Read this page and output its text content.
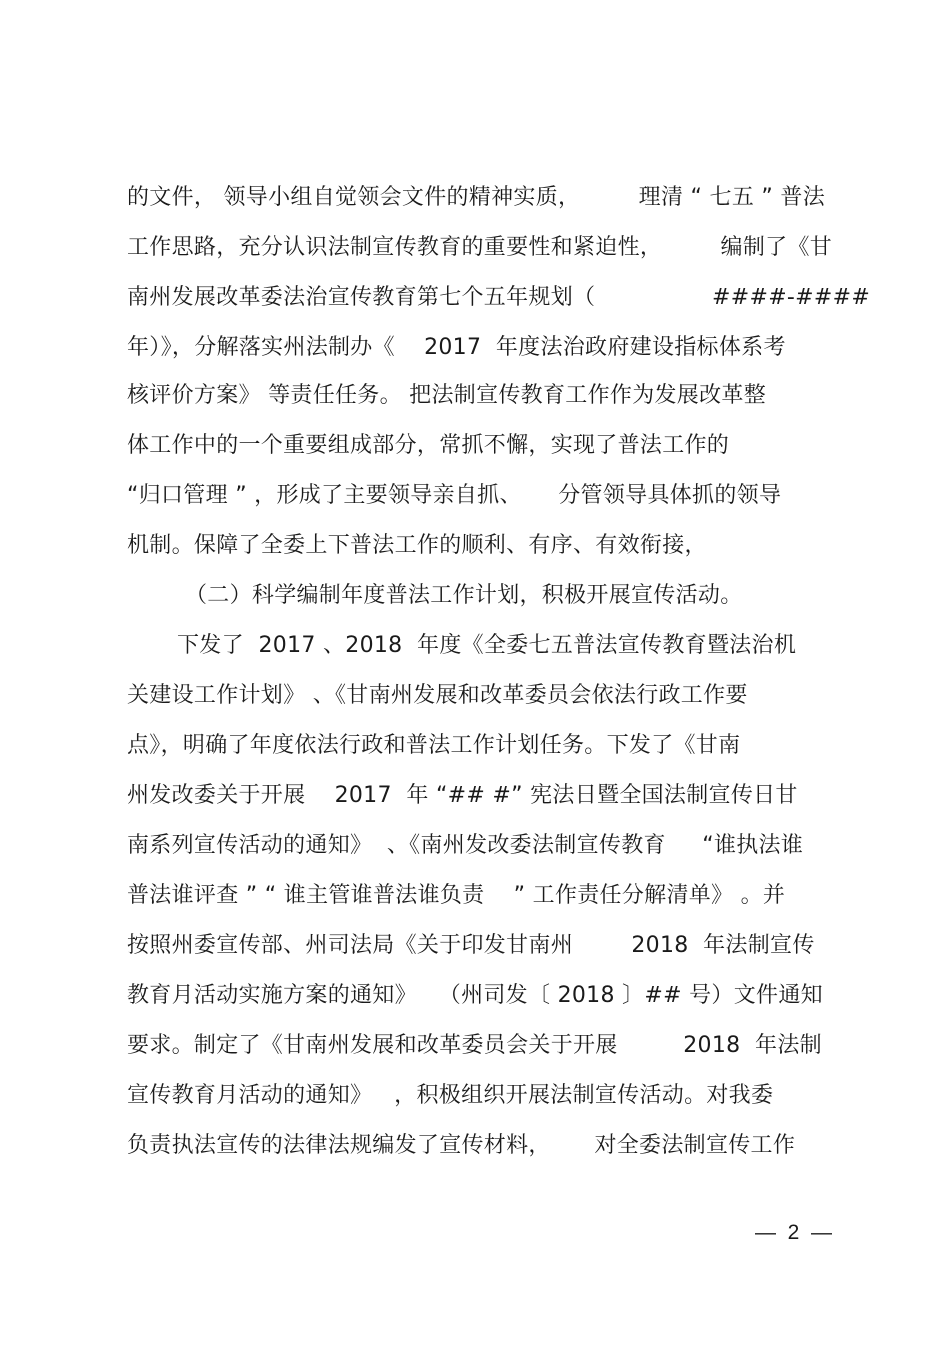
的文件， 领导小组自觉领会文件的精神实质，        理清 “ 七五 ” 普法
工作思路，充分认识法制宣传教育的重要性和紧迫性，        编制了《甘
南州发展改革委法治宣传教育第七个五年规划（                ####-####
年）》，分解落实州法制办《    2017  年度法治政府建设指标体系考
核评价方案》 等责任任务。 把法制宣传教育工作作为发展改革整
体工作中的一个重要组成部分，常抓不懈，实现了普法工作的
“归口管理 ” ，形成了主要领导亲自抓、     分管领导具体抓的领导
机制。保障了全委上下普法工作的顺利、有序、有效衔接，
（二）科学编制年度普法工作计划，积极开展宣传活动。
下发了  2017 、2018  年度《全委七五普法宣传教育暨法治机
关建设工作计划》 、《甘南州发展和改革委员会依法行政工作要
点》，明确了年度依法行政和普法工作计划任务。下发了《甘南
州发改委关于开展    2017  年 “## #” 宪法日暨全国法制宣传日甘
南系列宣传活动的通知》  、《南州发改委法制宣传教育     “谁执法谁
普法谁评查 ” “ 谁主管谁普法谁负责    ” 工作责任分解清单》 。并
按照州委宣传部、州司法局《关于印发甘南州        2018  年法制宣传
教育月活动实施方案的通知》   （州司发〔 2018 〕## 号）文件通知
要求。制定了《甘南州发展和改革委员会关于开展         2018  年法制
宣传教育月活动的通知》   ，积极组织开展法制宣传活动。对我委
负责执法宣传的法律法规编发了宣传材料，      对全委法制宣传工作
—  2  —
